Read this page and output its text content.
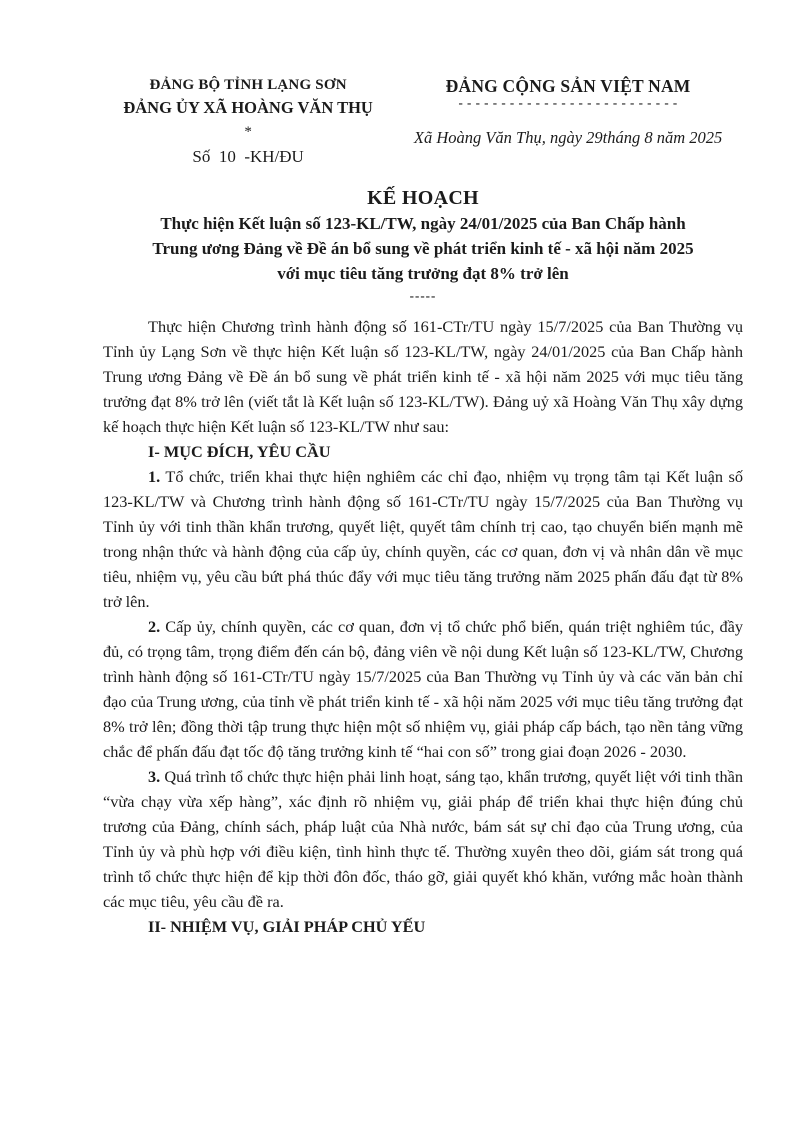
ĐẢNG BỘ TỈNH LẠNG SƠN
ĐẢNG ỦY XÃ HOÀNG VĂN THỤ
*
Số  10  -KH/ĐU
ĐẢNG CỘNG SẢN VIỆT NAM
- - - - - - - - - - - - - - - - - - - - - - - - - -
Xã Hoàng Văn Thụ, ngày 29tháng 8 năm 2025
KẾ HOẠCH
Thực hiện Kết luận số 123-KL/TW, ngày 24/01/2025 của Ban Chấp hành
Trung ương Đảng về Đề án bổ sung về phát triển kinh tế - xã hội năm 2025
với mục tiêu tăng trưởng đạt 8% trở lên
-----

Thực hiện Chương trình hành động số 161-CTr/TU ngày 15/7/2025 của Ban Thường vụ Tỉnh ủy Lạng Sơn về thực hiện Kết luận số 123-KL/TW, ngày 24/01/2025 của Ban Chấp hành Trung ương Đảng về Đề án bổ sung về phát triển kinh tế - xã hội năm 2025 với mục tiêu tăng trưởng đạt 8% trở lên (viết tắt là Kết luận số 123-KL/TW). Đảng uỷ xã Hoàng Văn Thụ xây dựng kế hoạch thực hiện Kết luận số 123-KL/TW như sau:

I- MỤC ĐÍCH, YÊU CẦU

1. Tổ chức, triển khai thực hiện nghiêm các chỉ đạo, nhiệm vụ trọng tâm tại Kết luận số 123-KL/TW và Chương trình hành động số 161-CTr/TU ngày 15/7/2025 của Ban Thường vụ Tỉnh ủy với tinh thần khẩn trương, quyết liệt, quyết tâm chính trị cao, tạo chuyển biến mạnh mẽ trong nhận thức và hành động của cấp ủy, chính quyền, các cơ quan, đơn vị và nhân dân về mục tiêu, nhiệm vụ, yêu cầu bứt phá thúc đẩy với mục tiêu tăng trưởng năm 2025 phấn đấu đạt từ 8% trở lên.

2. Cấp ủy, chính quyền, các cơ quan, đơn vị tổ chức phổ biến, quán triệt nghiêm túc, đầy đủ, có trọng tâm, trọng điểm đến cán bộ, đảng viên về nội dung Kết luận số 123-KL/TW, Chương trình hành động số 161-CTr/TU ngày 15/7/2025 của Ban Thường vụ Tỉnh ủy và các văn bản chỉ đạo của Trung ương, của tỉnh về phát triển kinh tế - xã hội năm 2025 với mục tiêu tăng trưởng đạt 8% trở lên; đồng thời tập trung thực hiện một số nhiệm vụ, giải pháp cấp bách, tạo nền tảng vững chắc để phấn đấu đạt tốc độ tăng trưởng kinh tế “hai con số” trong giai đoạn 2026 - 2030.

3. Quá trình tổ chức thực hiện phải linh hoạt, sáng tạo, khẩn trương, quyết liệt với tinh thần “vừa chạy vừa xếp hàng”, xác định rõ nhiệm vụ, giải pháp để triển khai thực hiện đúng chủ trương của Đảng, chính sách, pháp luật của Nhà nước, bám sát sự chỉ đạo của Trung ương, của Tỉnh ủy và phù hợp với điều kiện, tình hình thực tế. Thường xuyên theo dõi, giám sát trong quá trình tổ chức thực hiện để kịp thời đôn đốc, tháo gỡ, giải quyết khó khăn, vướng mắc hoàn thành các mục tiêu, yêu cầu đề ra.

II- NHIỆM VỤ, GIẢI PHÁP CHỦ YẾU
